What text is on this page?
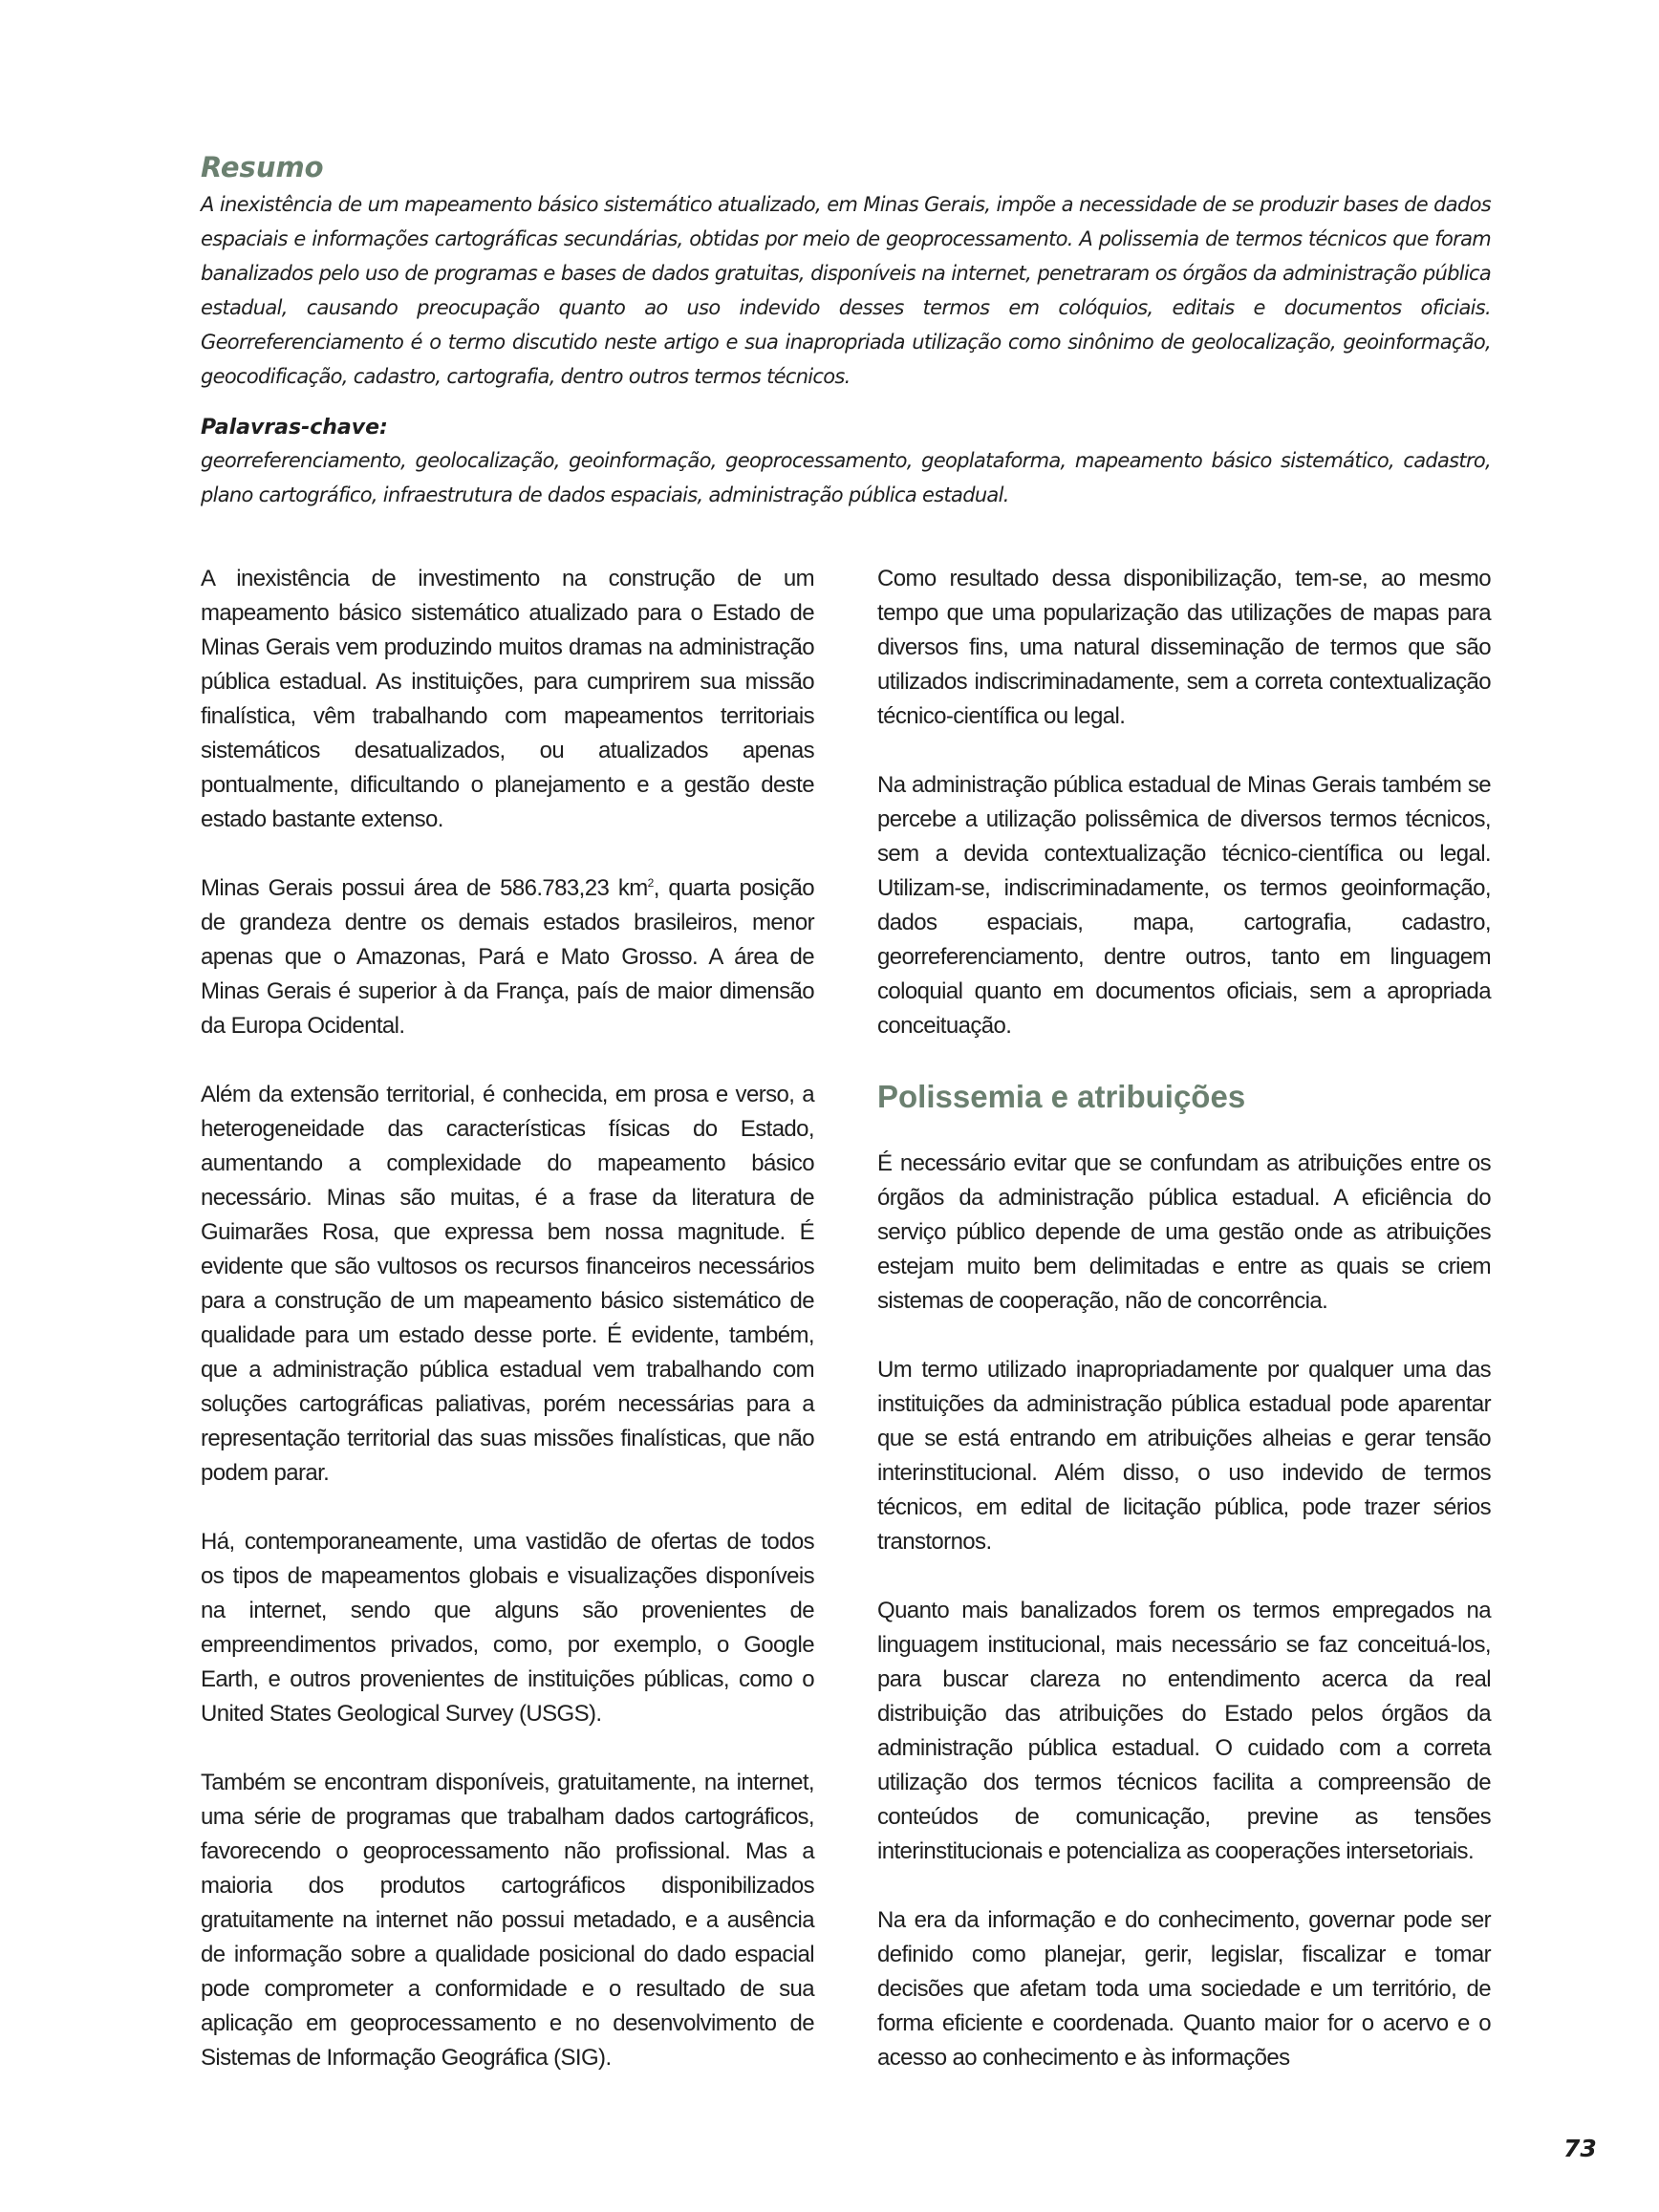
Resumo

A inexistência de um mapeamento básico sistemático atualizado, em Minas Gerais, impõe a necessidade de se produzir bases de dados espaciais e informações cartográficas secundárias, obtidas por meio de geoprocessamento. A polissemia de termos técnicos que foram banalizados pelo uso de programas e bases de dados gratuitas, disponíveis na internet, penetraram os órgãos da administração pública estadual, causando preocupação quanto ao uso indevido desses termos em colóquios, editais e documentos oficiais. Georreferenciamento é o termo discutido neste artigo e sua inapropriada utilização como sinônimo de geolocalização, geoinformação, geocodificação, cadastro, cartografia, dentro outros termos técnicos.

Palavras-chave:

georreferenciamento, geolocalização, geoinformação, geoprocessamento, geoplataforma, mapeamento básico sistemático, cadastro, plano cartográfico, infraestrutura de dados espaciais, administração pública estadual.

A inexistência de investimento na construção de um mapeamento básico sistemático atualizado para o Estado de Minas Gerais vem produzindo muitos dramas na administração pública estadual. As instituições, para cumprirem sua missão finalística, vêm trabalhando com mapeamentos territoriais sistemáticos desatualizados, ou atualizados apenas pontualmente, dificultando o planejamento e a gestão deste estado bastante extenso.

Minas Gerais possui área de 586.783,23 $km^2$, quarta posição de grandeza dentre os demais estados brasileiros, menor apenas que o Amazonas, Pará e Mato Grosso. A área de Minas Gerais é superior à da França, país de maior dimensão da Europa Ocidental.

Além da extensão territorial, é conhecida, em prosa e verso, a heterogeneidade das características físicas do Estado, aumentando a complexidade do mapeamento básico necessário. Minas são muitas, é a frase da literatura de Guimarães Rosa, que expressa bem nossa magnitude. É evidente que são vultosos os recursos financeiros necessários para a construção de um mapeamento básico sistemático de qualidade para um estado desse porte. É evidente, também, que a administração pública estadual vem trabalhando com soluções cartográficas paliativas, porém necessárias para a representação territorial das suas missões finalísticas, que não podem parar.

Há, contemporaneamente, uma vastidão de ofertas de todos os tipos de mapeamentos globais e visualizações disponíveis na internet, sendo que alguns são provenientes de empreendimentos privados, como, por exemplo, o Google Earth, e outros provenientes de instituições públicas, como o United States Geological Survey (USGS).

Também se encontram disponíveis, gratuitamente, na internet, uma série de programas que trabalham dados cartográficos, favorecendo o geoprocessamento não profissional. Mas a maioria dos produtos cartográficos disponibilizados gratuitamente na internet não possui metadado, e a ausência de informação sobre a qualidade posicional do dado espacial pode comprometer a conformidade e o resultado de sua aplicação em geoprocessamento e no desenvolvimento de Sistemas de Informação Geográfica (SIG).

Como resultado dessa disponibilização, tem-se, ao mesmo tempo que uma popularização das utilizações de mapas para diversos fins, uma natural disseminação de termos que são utilizados indiscriminadamente, sem a correta contextualização técnico-científica ou legal.

Na administração pública estadual de Minas Gerais também se percebe a utilização polissêmica de diversos termos técnicos, sem a devida contextualização técnico-científica ou legal. Utilizam-se, indiscriminadamente, os termos geoinformação, dados espaciais, mapa, cartografia, cadastro, georreferenciamento, dentre outros, tanto em linguagem coloquial quanto em documentos oficiais, sem a apropriada conceituação.

Polissemia e atribuições

É necessário evitar que se confundam as atribuições entre os órgãos da administração pública estadual. A eficiência do serviço público depende de uma gestão onde as atribuições estejam muito bem delimitadas e entre as quais se criem sistemas de cooperação, não de concorrência.

Um termo utilizado inapropriadamente por qualquer uma das instituições da administração pública estadual pode aparentar que se está entrando em atribuições alheias e gerar tensão interinstitucional. Além disso, o uso indevido de termos técnicos, em edital de licitação pública, pode trazer sérios transtornos.

Quanto mais banalizados forem os termos empregados na linguagem institucional, mais necessário se faz conceituá-los, para buscar clareza no entendimento acerca da real distribuição das atribuições do Estado pelos órgãos da administração pública estadual. O cuidado com a correta utilização dos termos técnicos facilita a compreensão de conteúdos de comunicação, previne as tensões interinstitucionais e potencializa as cooperações intersetoriais.

Na era da informação e do conhecimento, governar pode ser definido como planejar, gerir, legislar, fiscalizar e tomar decisões que afetam toda uma sociedade e um território, de forma eficiente e coordenada. Quanto maior for o acervo e o acesso ao conhecimento e às informações

73
